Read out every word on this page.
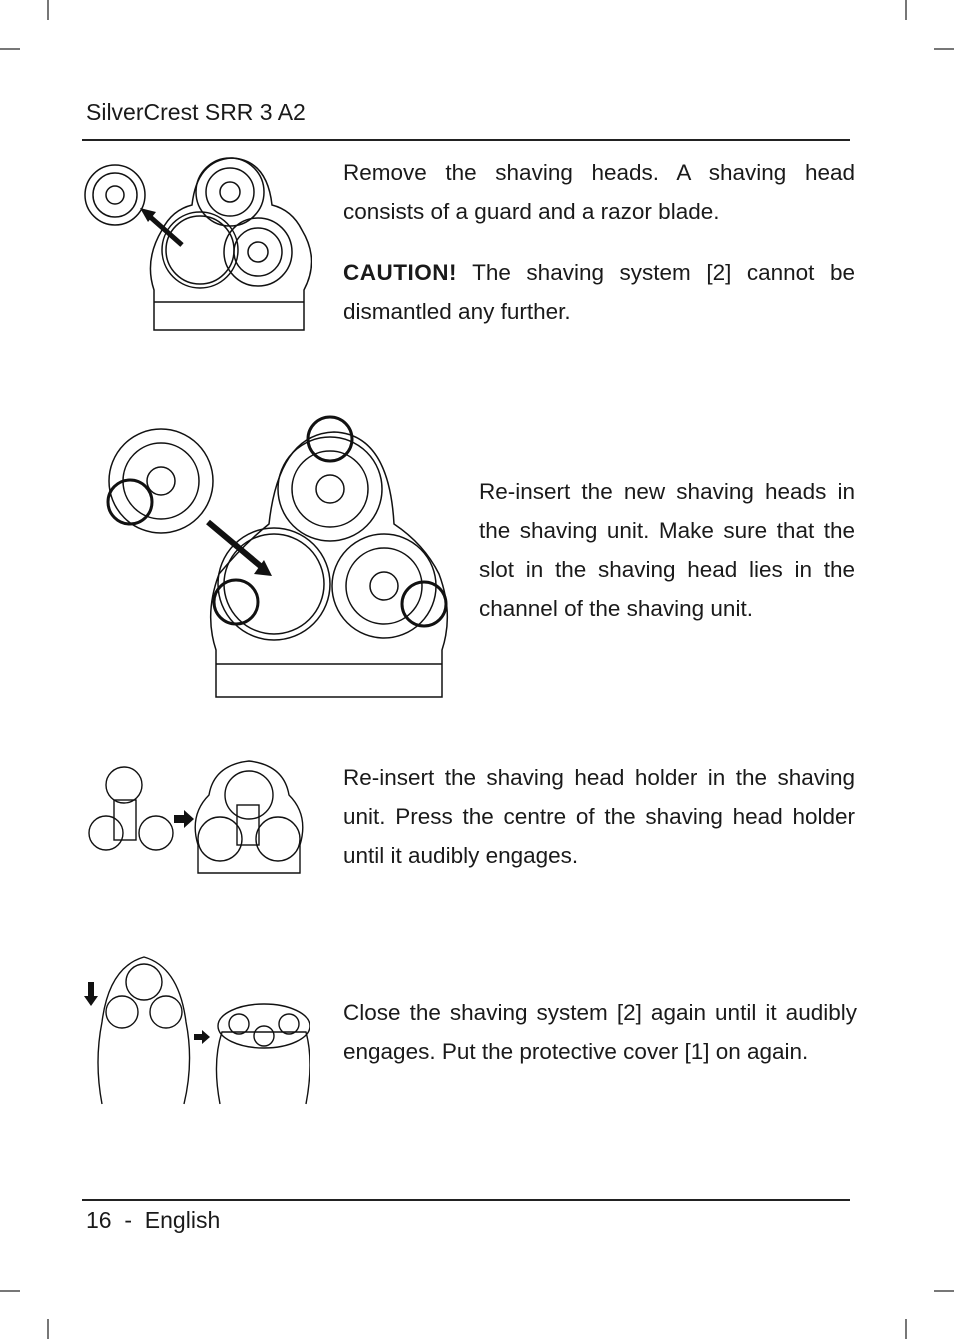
SilverCrest SRR 3 A2

Remove the shaving heads. A shaving head consists of a guard and a razor blade.

CAUTION! The shaving system [2] cannot be dismantled any further.

Re-insert the new shaving heads in the shaving unit. Make sure that the slot in the shaving head lies in the channel of the shaving unit.

Re-insert the shaving head holder in the shaving unit. Press the centre of the shaving head holder until it audibly engages.

Close the shaving system [2] again until it audibly engages. Put the protective cover [1] on again.

16  -  English
